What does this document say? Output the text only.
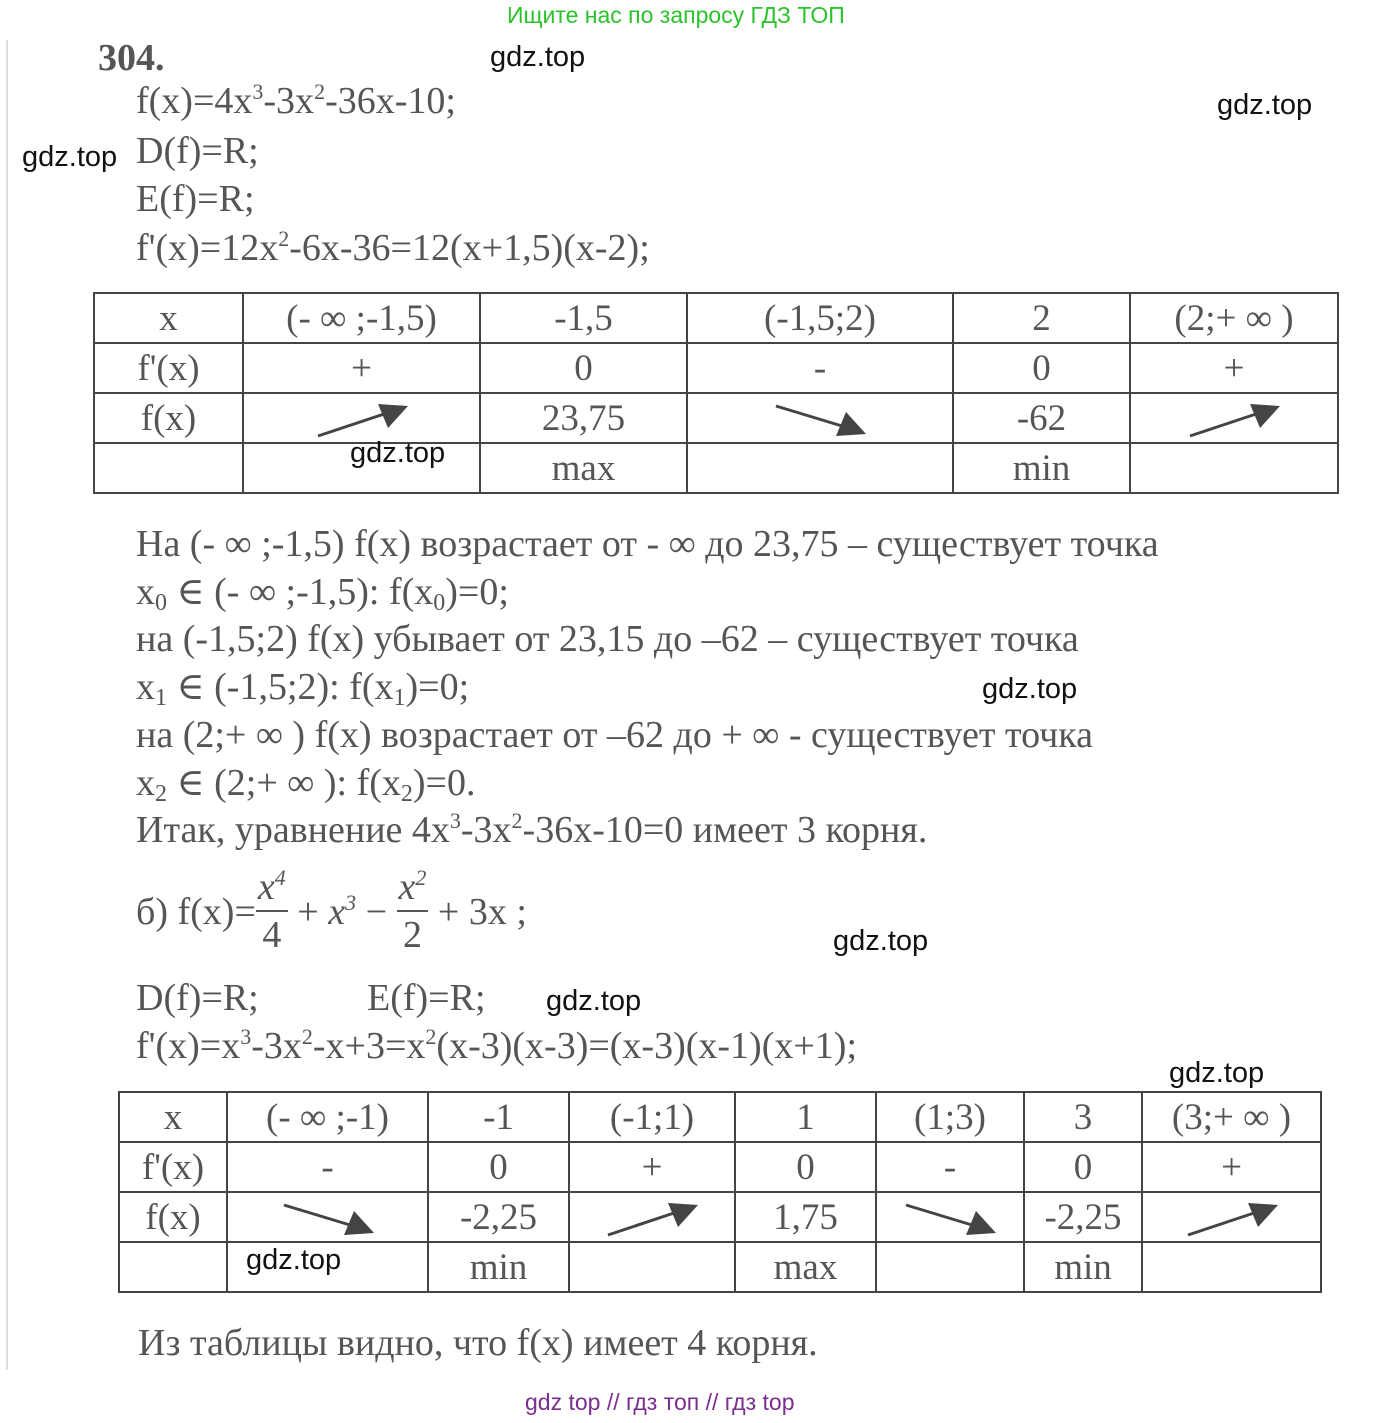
Ищите нас по запросу ГДЗ ТОП
304.
$f(x)=4x^3-3x^2-36x-10$;
D(f)=R;
E(f)=R;
$f'(x)=12x^2-6x-36=12(x+1,5)(x-2)$;
x	(- ∞ ;-1,5)	-1,5	(-1,5;2)	2	(2;+ ∞ )
f'(x)	+	0	-	0	+
f(x)		23,75		-62	
		max		min	
На (- ∞ ;-1,5) f(x) возрастает от - ∞ до 23,75 – существует точка
$x_0$ ∈ (- ∞ ;-1,5): $f(x_0)=0$;
на (-1,5;2) f(x) убывает от 23,15 до –62 – существует точка
$x_1$ ∈ (-1,5;2): $f(x_1)=0$;
на (2;+ ∞ ) f(x) возрастает от –62 до + ∞ - существует точка
$x_2$ ∈ (2;+ ∞ ): $f(x_2)=0$.
Итак, уравнение $4x^3-3x^2-36x-10=0$ имеет 3 корня.
б) $f(x)= \frac{x^4}{4} + x^3 - \frac{x^2}{2} + 3x$ ;
D(f)=R;	E(f)=R;
$f'(x)=x^3-3x^2-x+3=x^2(x-3)(x-3)=(x-3)(x-1)(x+1)$;
x	(- ∞ ;-1)	-1	(-1;1)	1	(1;3)	3	(3;+ ∞ )
f'(x)	-	0	+	0	-	0	+
f(x)		-2,25		1,75		-2,25	
		min		max		min	
Из таблицы видно, что f(x) имеет 4 корня.
gdz.top
gdz.top
gdz.top
gdz.top
gdz.top
gdz.top
gdz.top
gdz.top
gdz.top
gdz top // гдз топ // гдз top
